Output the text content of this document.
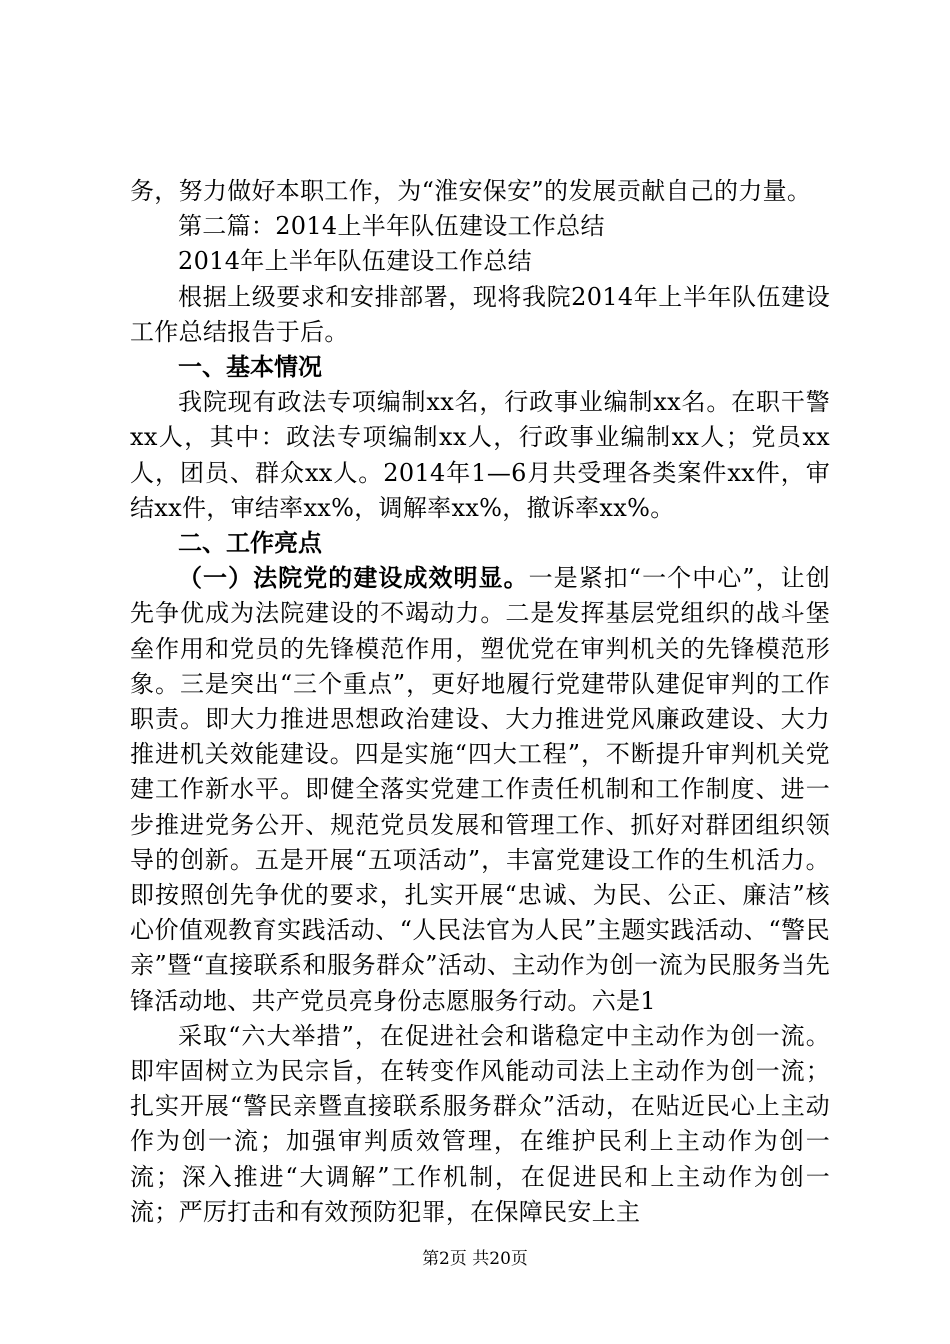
务，努力做好本职工作，为“淮安保安”的发展贡献自己的力量。

第二篇：2014上半年队伍建设工作总结

2014年上半年队伍建设工作总结

根据上级要求和安排部署，现将我院2014年上半年队伍建设工作总结报告于后。

一、基本情况

我院现有政法专项编制xx名，行政事业编制xx名。在职干警xx人，其中：政法专项编制xx人，行政事业编制xx人；党员xx人，团员、群众xx人。2014年1—6月共受理各类案件xx件，审结xx件，审结率xx%，调解率xx%，撤诉率xx%。

二、工作亮点

（一）法院党的建设成效明显。一是紧扣“一个中心”，让创先争优成为法院建设的不竭动力。二是发挥基层党组织的战斗堡垒作用和党员的先锋模范作用，塑优党在审判机关的先锋模范形象。三是突出“三个重点”，更好地履行党建带队建促审判的工作职责。即大力推进思想政治建设、大力推进党风廉政建设、大力推进机关效能建设。四是实施“四大工程”，不断提升审判机关党建工作新水平。即健全落实党建工作责任机制和工作制度、进一步推进党务公开、规范党员发展和管理工作、抓好对群团组织领导的创新。五是开展“五项活动”，丰富党建设工作的生机活力。即按照创先争优的要求，扎实开展“忠诚、为民、公正、廉洁”核心价值观教育实践活动、“人民法官为人民”主题实践活动、“警民亲”暨“直接联系和服务群众”活动、主动作为创一流为民服务当先锋活动地、共产党员亮身份志愿服务行动。六是1

采取“六大举措”，在促进社会和谐稳定中主动作为创一流。即牢固树立为民宗旨，在转变作风能动司法上主动作为创一流；扎实开展“警民亲暨直接联系服务群众”活动，在贴近民心上主动作为创一流；加强审判质效管理，在维护民利上主动作为创一流；深入推进“大调解”工作机制，在促进民和上主动作为创一流；严厉打击和有效预防犯罪，在保障民安上主

第2页 共20页
